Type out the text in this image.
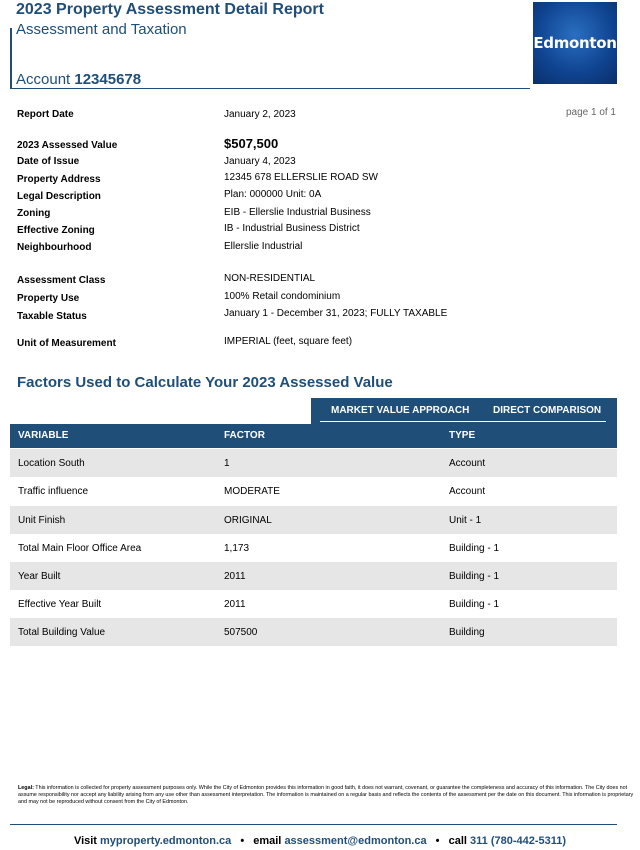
2023 Property Assessment Detail Report
Assessment and Taxation
Account 12345678
Edmonton
page 1 of 1
Report Date	January 2, 2023
2023 Assessed Value	$507,500
Date of Issue	January 4, 2023
Property Address	12345 678 ELLERSLIE ROAD SW
Legal Description	Plan: 000000 Unit: 0A
Zoning	EIB - Ellerslie Industrial Business
Effective Zoning	IB - Industrial Business District
Neighbourhood	Ellerslie Industrial
Assessment Class	NON-RESIDENTIAL
Property Use	100% Retail condominium
Taxable Status	January 1 - December 31, 2023; FULLY TAXABLE
Unit of Measurement	IMPERIAL (feet, square feet)
Factors Used to Calculate Your 2023 Assessed Value
MARKET VALUE APPROACH DIRECT COMPARISON
VARIABLE	FACTOR	TYPE
Location South	1	Account
Traffic influence	MODERATE	Account
Unit Finish	ORIGINAL	Unit - 1
Total Main Floor Office Area	1,173	Building - 1
Year Built	2011	Building - 1
Effective Year Built	2011	Building - 1
Total Building Value	507500	Building
Legal: This information is collected for property assessment purposes only. While the City of Edmonton provides this information in good faith, it does not warrant, covenant, or guarantee the completeness and accuracy of this information. The City does not assume responsibility nor accept any liability arising from any use other than assessment interpretation. The information is maintained on a regular basis and reflects the contents of the assessment per the date on this document. This information is proprietary and may not be reproduced without consent from the City of Edmonton.
Visit myproperty.edmonton.ca • email assessment@edmonton.ca • call 311 (780-442-5311)
